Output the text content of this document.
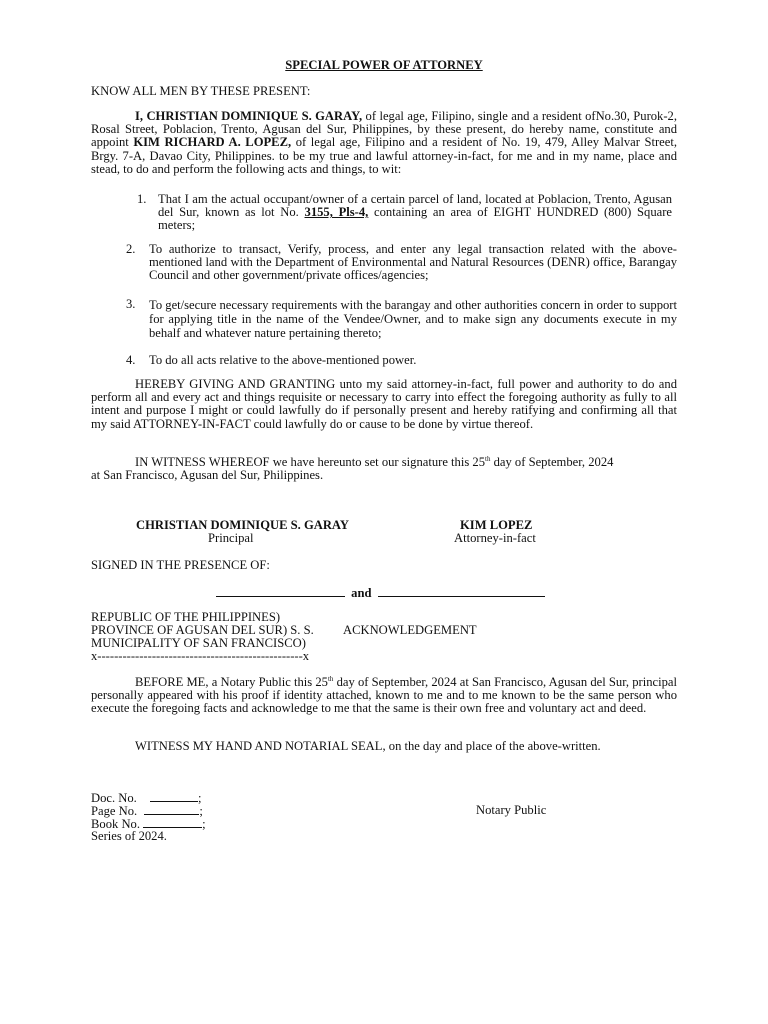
SPECIAL POWER OF ATTORNEY
KNOW ALL MEN BY THESE PRESENT:
I, CHRISTIAN DOMINIQUE S. GARAY, of legal age, Filipino, single and a resident ofNo.30, Purok-2, Rosal Street, Poblacion, Trento, Agusan del Sur, Philippines, by these present, do hereby name, constitute and appoint KIM RICHARD A. LOPEZ, of legal age, Filipino and a resident of No. 19, 479, Alley Malvar Street, Brgy. 7-A, Davao City, Philippines. to be my true and lawful attorney-in-fact, for me and in my name, place and stead, to do and perform the following acts and things, to wit:
1. That I am the actual occupant/owner of a certain parcel of land, located at Poblacion, Trento, Agusan del Sur, known as lot No. 3155, Pls-4, containing an area of EIGHT HUNDRED (800) Square meters;
2. To authorize to transact, Verify, process, and enter any legal transaction related with the above-mentioned land with the Department of Environmental and Natural Resources (DENR) office, Barangay Council and other government/private offices/agencies;
3. To get/secure necessary requirements with the barangay and other authorities concern in order to support for applying title in the name of the Vendee/Owner, and to make sign any documents execute in my behalf and whatever nature pertaining thereto;
4. To do all acts relative to the above-mentioned power.
HEREBY GIVING AND GRANTING unto my said attorney-in-fact, full power and authority to do and perform all and every act and things requisite or necessary to carry into effect the foregoing authority as fully to all intent and purpose I might or could lawfully do if personally present and hereby ratifying and confirming all that my said ATTORNEY-IN-FACT could lawfully do or cause to be done by virtue thereof.
IN WITNESS WHEREOF we have hereunto set our signature this 25th day of September, 2024
at San Francisco, Agusan del Sur, Philippines.
CHRISTIAN DOMINIQUE S. GARAY
Principal
KIM LOPEZ
Attorney-in-fact
SIGNED IN THE PRESENCE OF:
and
REPUBLIC OF THE PHILIPPINES)
PROVINCE OF AGUSAN DEL SUR) S. S. ACKNOWLEDGEMENT
MUNICIPALITY OF SAN FRANCISCO)
x-------------------------------------------------x
BEFORE ME, a Notary Public this 25th day of September, 2024 at San Francisco, Agusan del Sur, principal personally appeared with his proof if identity attached, known to me and to me known to be the same person who execute the foregoing facts and acknowledge to me that the same is their own free and voluntary act and deed.
WITNESS MY HAND AND NOTARIAL SEAL, on the day and place of the above-written.
Doc. No.	;
Page No.	;
Book No.	;
Series of 2024.
Notary Public
